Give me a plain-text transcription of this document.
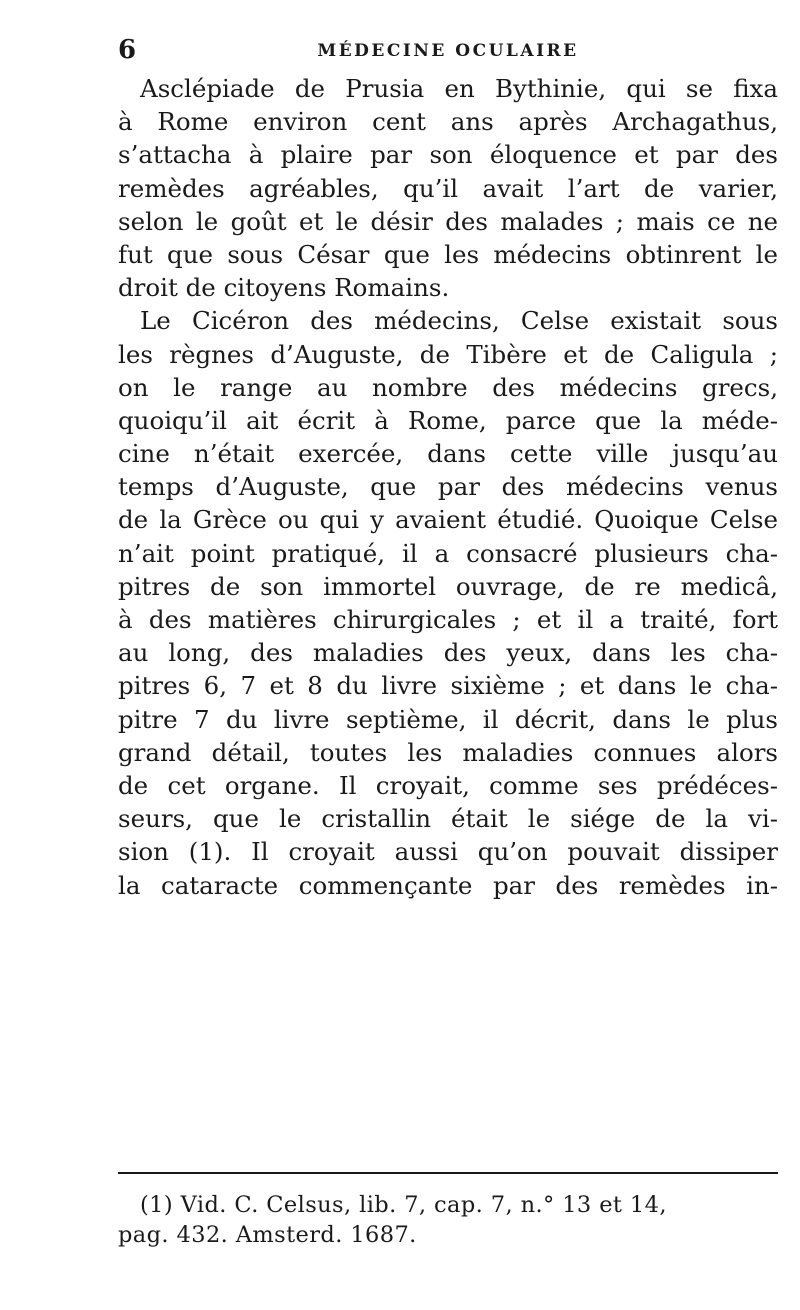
6	MÉDECINE OCULAIRE
Asclépiade de Prusia en Bythinie, qui se fixa
à Rome environ cent ans après Archagathus,
s’attacha à plaire par son éloquence et par des
remèdes agréables, qu’il avait l’art de varier,
selon le goût et le désir des malades ; mais ce ne
fut que sous César que les médecins obtinrent le
droit de citoyens Romains.
Le Cicéron des médecins, Celse existait sous
les règnes d’Auguste, de Tibère et de Caligula ;
on le range au nombre des médecins grecs,
quoiqu’il ait écrit à Rome, parce que la méde-
cine n’était exercée, dans cette ville jusqu’au
temps d’Auguste, que par des médecins venus
de la Grèce ou qui y avaient étudié. Quoique Celse
n’ait point pratiqué, il a consacré plusieurs cha-
pitres de son immortel ouvrage, de re medicâ,
à des matières chirurgicales ; et il a traité, fort
au long, des maladies des yeux, dans les cha-
pitres 6, 7 et 8 du livre sixième ; et dans le cha-
pitre 7 du livre septième, il décrit, dans le plus
grand détail, toutes les maladies connues alors
de cet organe. Il croyait, comme ses prédéces-
seurs, que le cristallin était le siége de la vi-
sion (1). Il croyait aussi qu’on pouvait dissiper
la cataracte commençante par des remèdes in-
(1) Vid. C. Celsus, lib. 7, cap. 7, n.° 13 et 14,
pag. 432. Amsterd. 1687.
